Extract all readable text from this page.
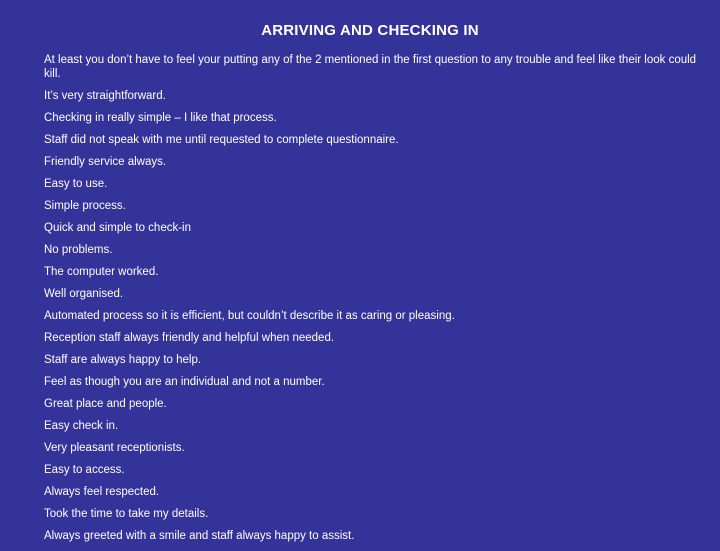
ARRIVING AND CHECKING IN
At least you don’t have to feel your putting any of the 2 mentioned in the first question to any trouble and feel like their look could kill.
It’s very straightforward.
Checking in really simple – I like that process.
Staff did not speak with me until requested to complete questionnaire.
Friendly service always.
Easy to use.
Simple process.
Quick and simple to check-in
No problems.
The computer worked.
Well organised.
Automated process so it is efficient, but couldn’t describe it as caring or pleasing.
Reception staff always friendly and helpful when needed.
Staff are always happy to help.
Feel as though you are an individual and not a number.
Great place and people.
Easy check in.
Very pleasant receptionists.
Easy to access.
Always feel respected.
Took the time to take my details.
Always greeted with a smile and staff always happy to assist.
